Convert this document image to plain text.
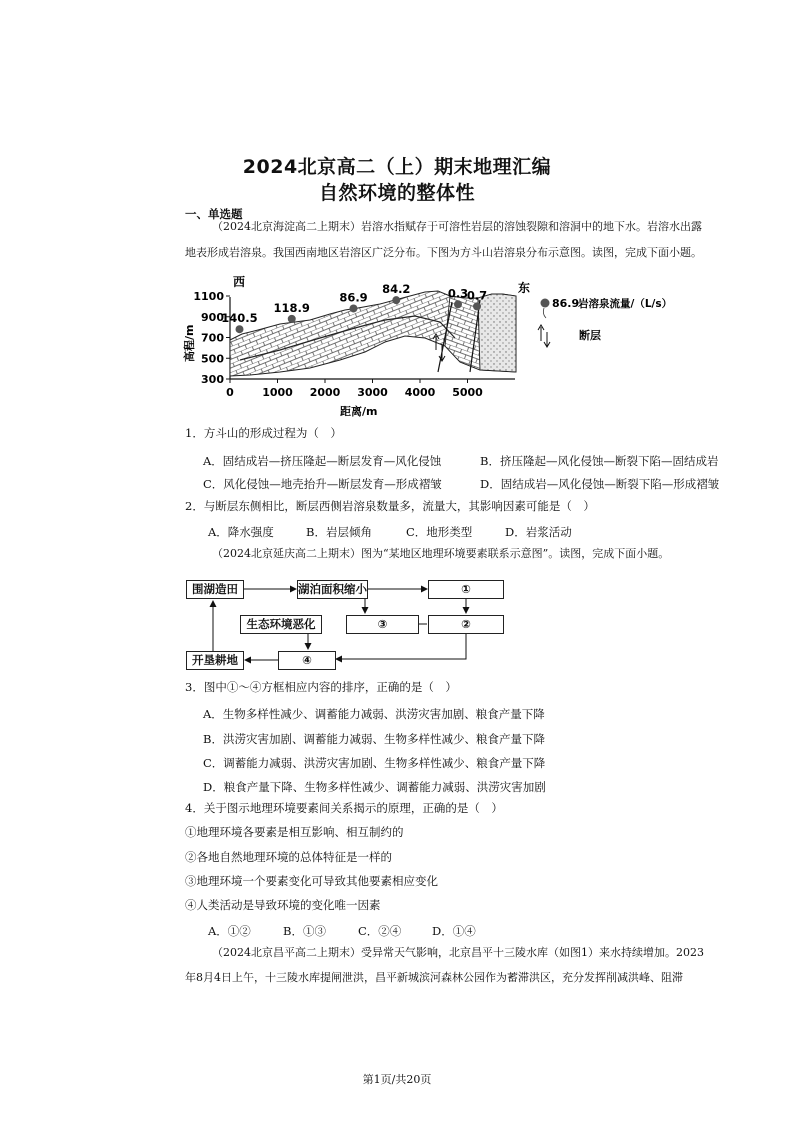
2024北京高二（上）期末地理汇编
自然环境的整体性
一、单选题
（2024北京海淀高二上期末）岩溶水指赋存于可溶性岩层的溶蚀裂隙和溶洞中的地下水。岩溶水出露
地表形成岩溶泉。我国西南地区岩溶区广泛分布。下图为方斗山岩溶泉分布示意图。读图，完成下面小题。
140.5
118.9
86.9
84.2	0.3
0.7
1100
900
700
500
300
0	1000 2000 3000 4000 5000
西	东
高程/m
距离/m
86.9
岩溶泉流量/（L/s）
断层
1．方斗山的形成过程为（　）
A．固结成岩—挤压隆起—断层发育—风化侵蚀	B．挤压隆起—风化侵蚀—断裂下陷—固结成岩
C．风化侵蚀—地壳抬升—断层发育—形成褶皱	D．固结成岩—风化侵蚀—断裂下陷—形成褶皱
2．与断层东侧相比，断层西侧岩溶泉数量多，流量大，其影响因素可能是（　）
A．降水强度	B．岩层倾角	C．地形类型	D．岩浆活动
（2024北京延庆高二上期末）图为“某地区地理环境要素联系示意图”。读图，完成下面小题。
围湖造田	湖泊面积缩小	①
生态环境恶化	③	②
开垦耕地	④
3．图中①～④方框相应内容的排序，正确的是（　）
A．生物多样性减少、调蓄能力减弱、洪涝灾害加剧、粮食产量下降
B．洪涝灾害加剧、调蓄能力减弱、生物多样性减少、粮食产量下降
C．调蓄能力减弱、洪涝灾害加剧、生物多样性减少、粮食产量下降
D．粮食产量下降、生物多样性减少、调蓄能力减弱、洪涝灾害加剧
4．关于图示地理环境要素间关系揭示的原理，正确的是（　）
①地理环境各要素是相互影响、相互制约的
②各地自然地理环境的总体特征是一样的
③地理环境一个要素变化可导致其他要素相应变化
④人类活动是导致环境的变化唯一因素
A．①②	B．①③	C．②④	D．①④
（2024北京昌平高二上期末）受异常天气影响，北京昌平十三陵水库（如图1）来水持续增加。2023
年8月4日上午，十三陵水库提闸泄洪，昌平新城滨河森林公园作为蓄滞洪区，充分发挥削减洪峰、阻滞
第1页/共20页
